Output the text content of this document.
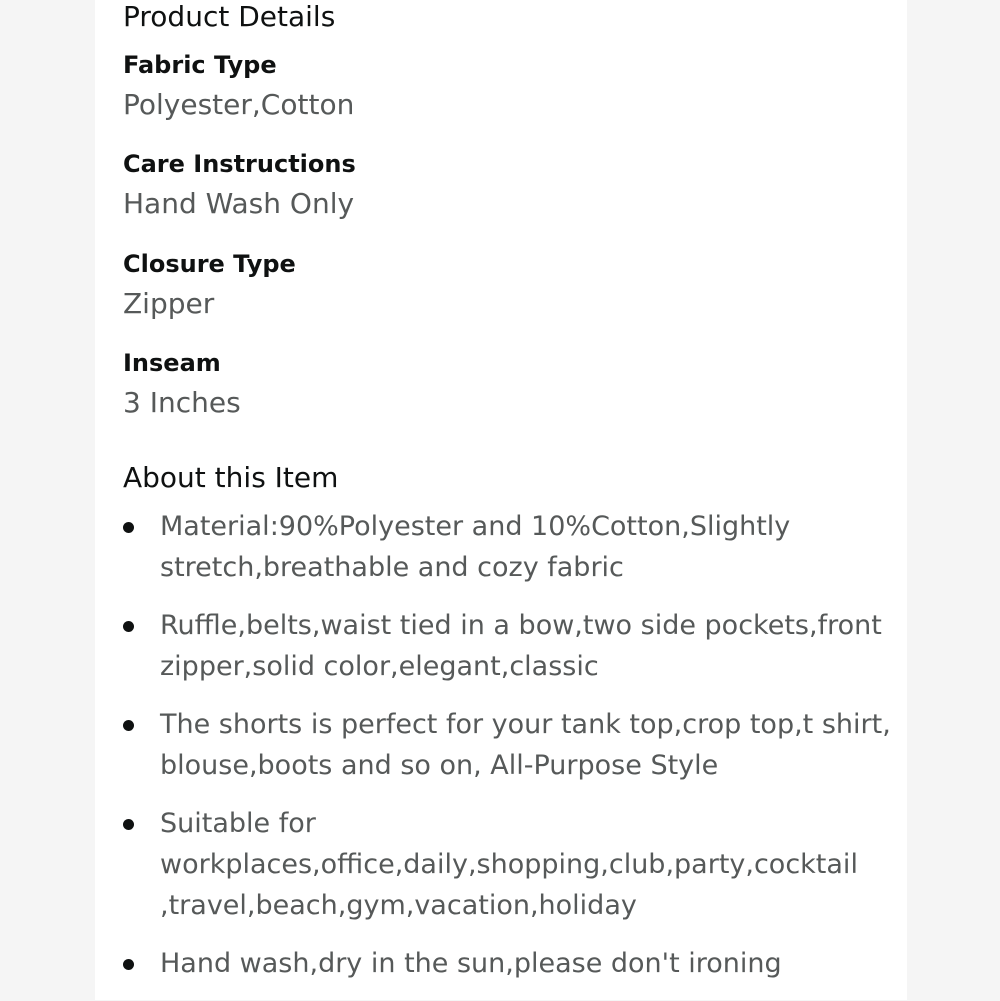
Product Details
Fabric Type
Polyester,Cotton
Care Instructions
Hand Wash Only
Closure Type
Zipper
Inseam
3 Inches
About this Item
Material:90%Polyester and 10%Cotton,Slightly stretch,breathable and cozy fabric
Ruffle,belts,waist tied in a bow,two side pockets,front zipper,solid color,elegant,classic
The shorts is perfect for your tank top,crop top,t shirt, blouse,boots and so on, All-Purpose Style
Suitable for workplaces,office,daily,shopping,club,party,cocktail ,travel,beach,gym,vacation,holiday
Hand wash,dry in the sun,please don't ironing
